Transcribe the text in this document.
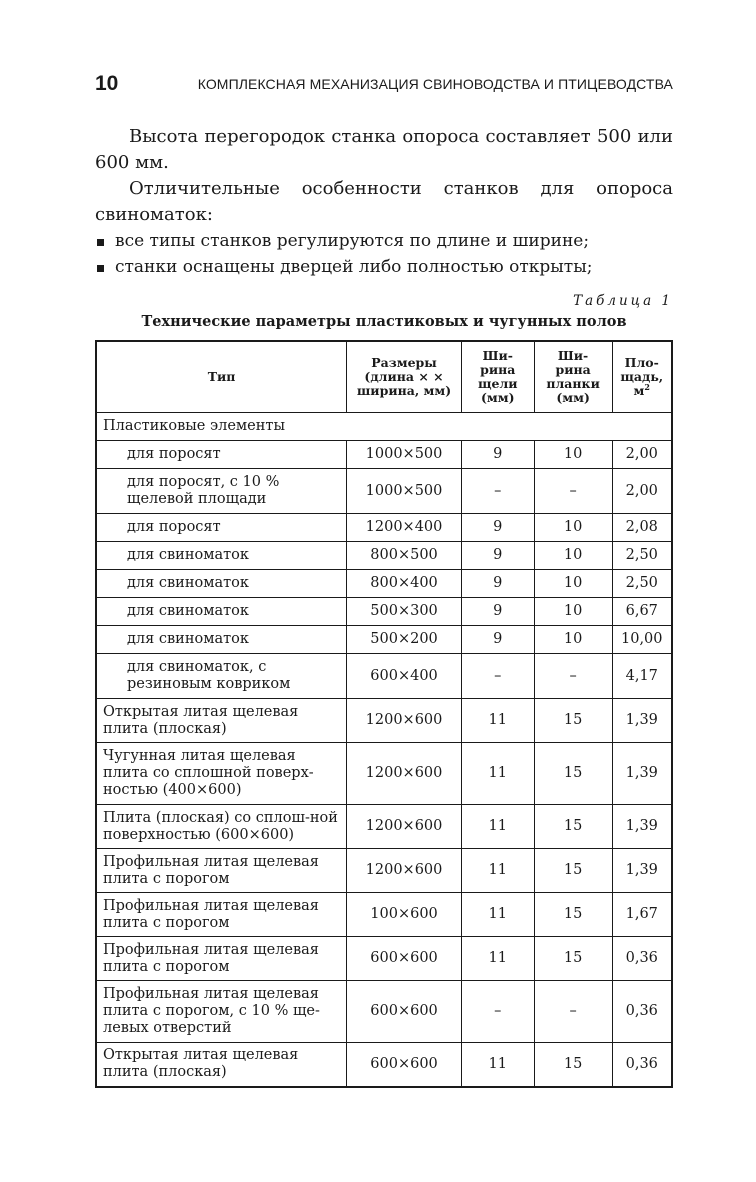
10	КОМПЛЕКСНАЯ МЕХАНИЗАЦИЯ СВИНОВОДСТВА И ПТИЦЕВОДСТВА

Высота перегородок станка опороса составляет 500 или 600 мм.

Отличительные особенности станков для опороса свиноматок:

все типы станков регулируются по длине и ширине;
станки оснащены дверцей либо полностью открыты;
Таблица 1
Технические параметры пластиковых и чугунных полов
Тип	Размеры (длина × × ширина, мм)	Ши-рина щели (мм)	Ши-рина планки (мм)	Пло-щадь, $м^2$
Пластиковые элементы				
для поросят	1000×500	9	10	2,00
для поросят, с 10 % щелевой площади	1000×500	–	–	2,00
для поросят	1200×400	9	10	2,08
для свиноматок	800×500	9	10	2,50
для свиноматок	800×400	9	10	2,50
для свиноматок	500×300	9	10	6,67
для свиноматок	500×200	9	10	10,00
для свиноматок, с резиновым ковриком	600×400	–	–	4,17
Открытая литая щелевая плита (плоская)	1200×600	11	15	1,39
Чугунная литая щелевая плита со сплошной поверх-ностью (400×600)	1200×600	11	15	1,39
Плита (плоская) со сплош-ной поверхностью (600×600)	1200×600	11	15	1,39
Профильная литая щелевая плита с порогом	1200×600	11	15	1,39
Профильная литая щелевая плита с порогом	100×600	11	15	1,67
Профильная литая щелевая плита с порогом	600×600	11	15	0,36
Профильная литая щелевая плита с порогом, с 10 % ще-левых отверстий	600×600	–	–	0,36
Открытая литая щелевая плита (плоская)	600×600	11	15	0,36
